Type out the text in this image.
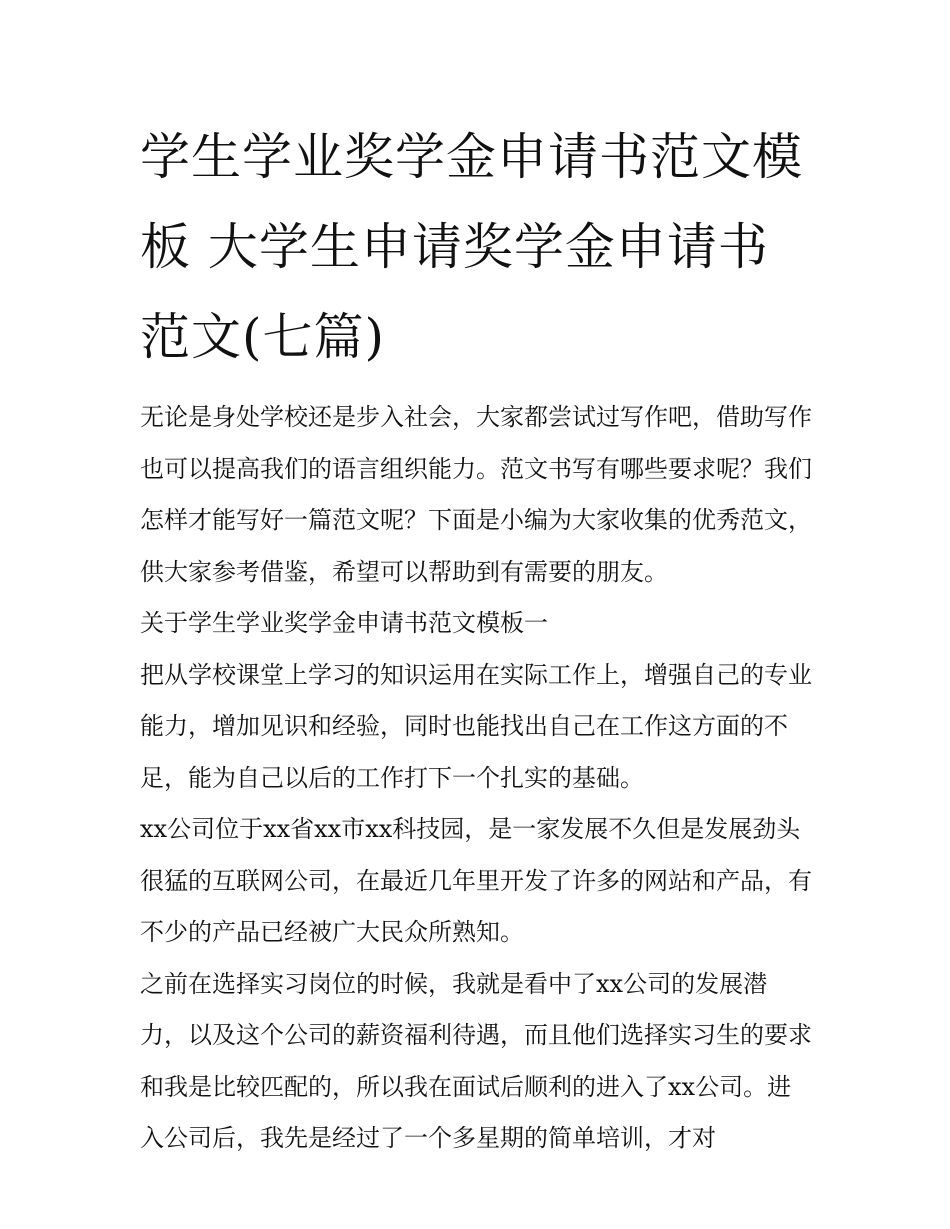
学生学业奖学金申请书范文模板 大学生申请奖学金申请书范文(七篇)

无论是身处学校还是步入社会，大家都尝试过写作吧，借助写作也可以提高我们的语言组织能力。范文书写有哪些要求呢？我们怎样才能写好一篇范文呢？下面是小编为大家收集的优秀范文，供大家参考借鉴，希望可以帮助到有需要的朋友。

关于学生学业奖学金申请书范文模板一

把从学校课堂上学习的知识运用在实际工作上，增强自己的专业能力，增加见识和经验，同时也能找出自己在工作这方面的不足，能为自己以后的工作打下一个扎实的基础。

xx公司位于xx省xx市xx科技园，是一家发展不久但是发展劲头很猛的互联网公司，在最近几年里开发了许多的网站和产品，有不少的产品已经被广大民众所熟知。

之前在选择实习岗位的时候，我就是看中了xx公司的发展潜力，以及这个公司的薪资福利待遇，而且他们选择实习生的要求和我是比较匹配的，所以我在面试后顺利的进入了xx公司。进入公司后，我先是经过了一个多星期的简单培训，才对
